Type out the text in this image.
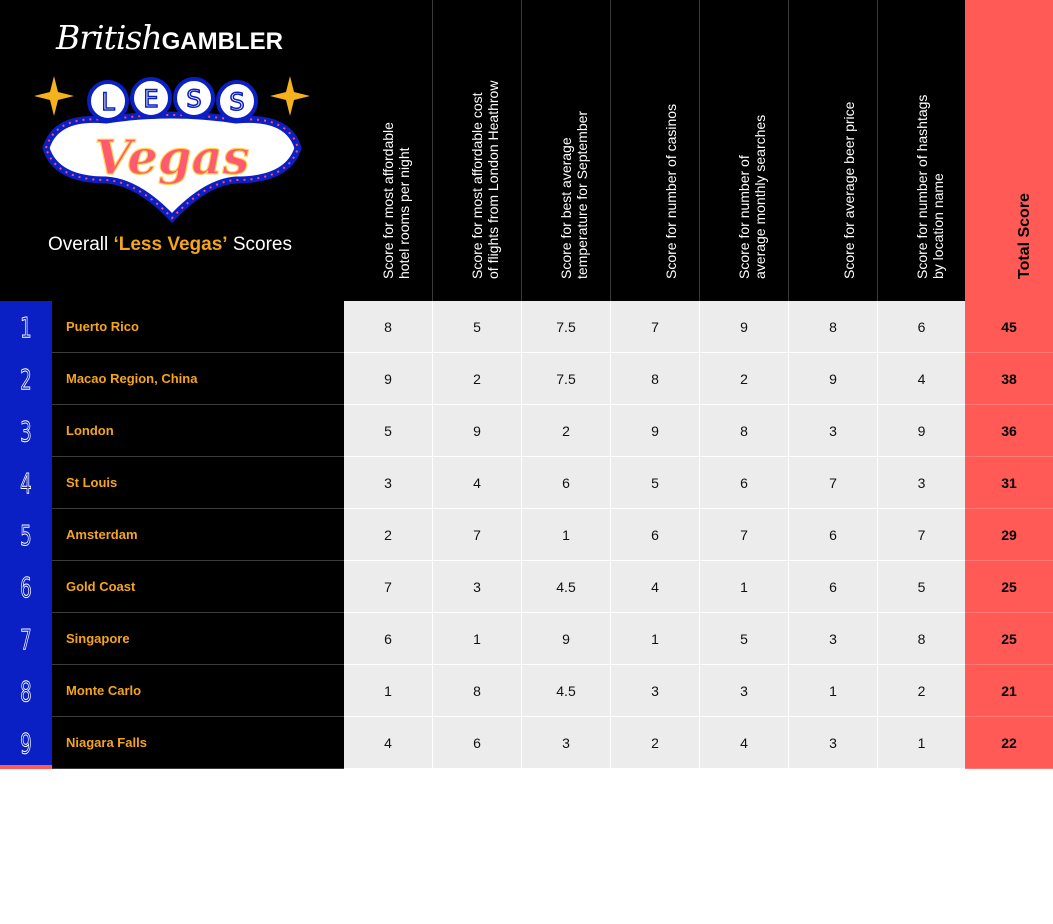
BritishGAMBLER
L E S S
Vegas
Overall ‘Less Vegas’ Scores	Score for most affordable hotel rooms per night	Score for most affordable cost of flights from London Heathrow	Score for best average temperature for September	Score for number of casinos	Score for number of average monthly searches	Score for average beer price	Score for number of hashtags by location name	Total Score
1	Puerto Rico	8	5	7.5	7	9	8	6	45
2	Macao Region, China	9	2	7.5	8	2	9	4	38
3	London	5	9	2	9	8	3	9	36
4	St Louis	3	4	6	5	6	7	3	31
5	Amsterdam	2	7	1	6	7	6	7	29
6	Gold Coast	7	3	4.5	4	1	6	5	25
7	Singapore	6	1	9	1	5	3	8	25
8	Monte Carlo	1	8	4.5	3	3	1	2	21
9	Niagara Falls	4	6	3	2	4	3	1	22
